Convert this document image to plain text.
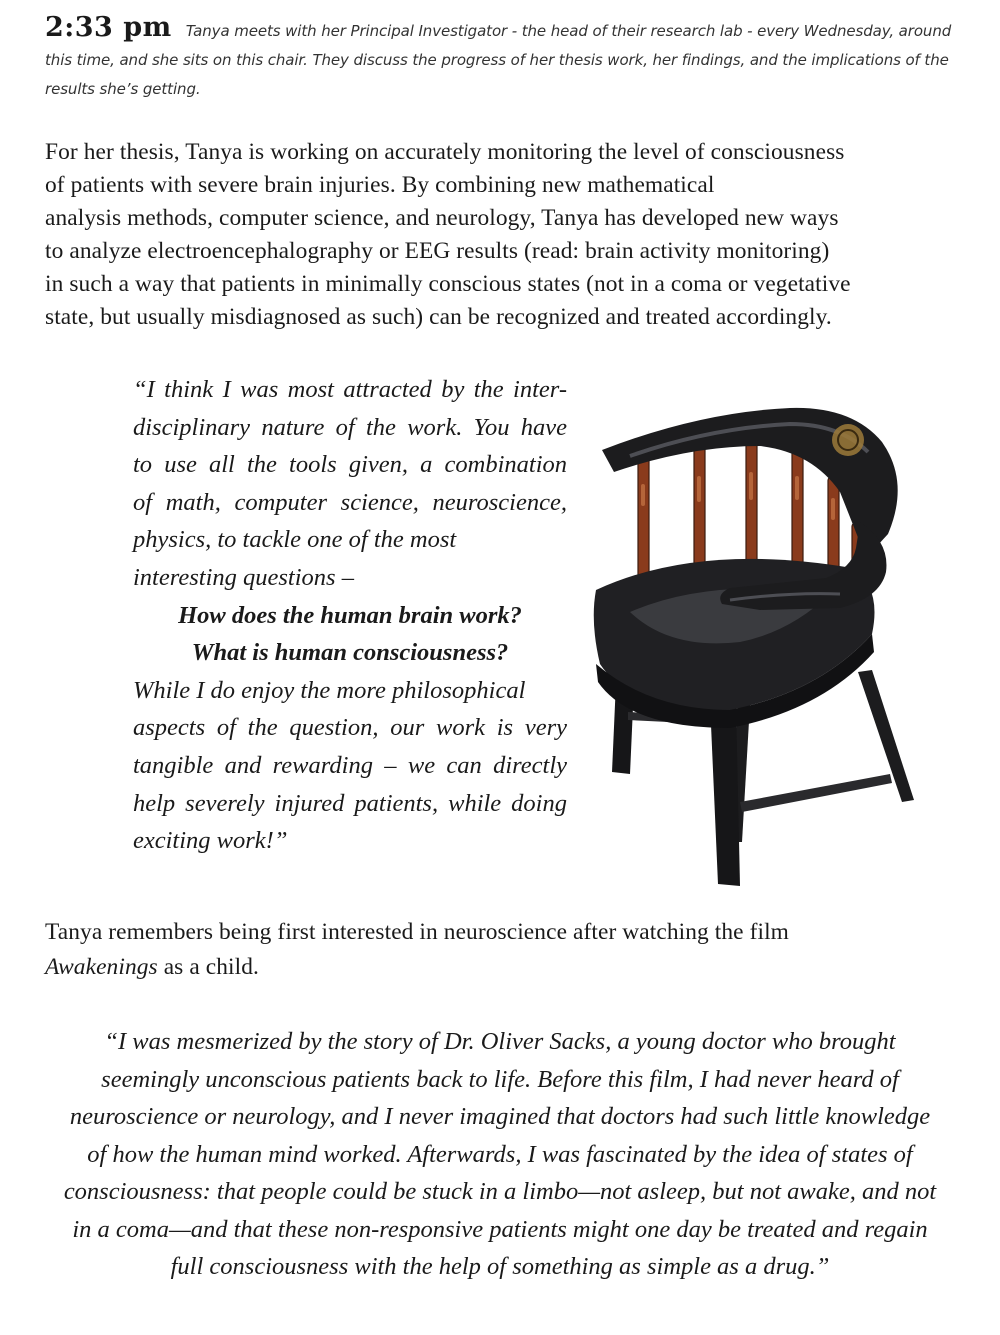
2:33 pm Tanya meets with her Principal Investigator - the head of their research lab - every Wednesday, around this time, and she sits on this chair. They discuss the progress of her thesis work, her findings, and the implications of the results she’s getting.
For her thesis, Tanya is working on accurately monitoring the level of consciousness
of patients with severe brain injuries. By combining new mathematical
analysis methods, computer science, and neurology, Tanya has developed new ways
to analyze electroencephalography or EEG results (read: brain activity monitoring)
in such a way that patients in minimally conscious states (not in a coma or vegetative
state, but usually misdiagnosed as such) can be recognized and treated accordingly.
“I think I was most attracted by the inter-
disciplinary nature of the work. You have
to use all the tools given, a combination
of math, computer science, neuroscience,
physics, to tackle one of the most
interesting questions –
How does the human brain work?
What is human consciousness?
While I do enjoy the more philosophical
aspects of the question, our work is very
tangible and rewarding – we can directly
help severely injured patients, while doing
exciting work!”
Tanya remembers being first interested in neuroscience after watching the film
Awakenings as a child.
“I was mesmerized by the story of Dr. Oliver Sacks, a young doctor who brought
seemingly unconscious patients back to life. Before this film, I had never heard of
neuroscience or neurology, and I never imagined that doctors had such little knowledge
of how the human mind worked. Afterwards, I was fascinated by the idea of states of
consciousness: that people could be stuck in a limbo—not asleep, but not awake, and not
in a coma—and that these non-responsive patients might one day be treated and regain
full consciousness with the help of something as simple as a drug.”
